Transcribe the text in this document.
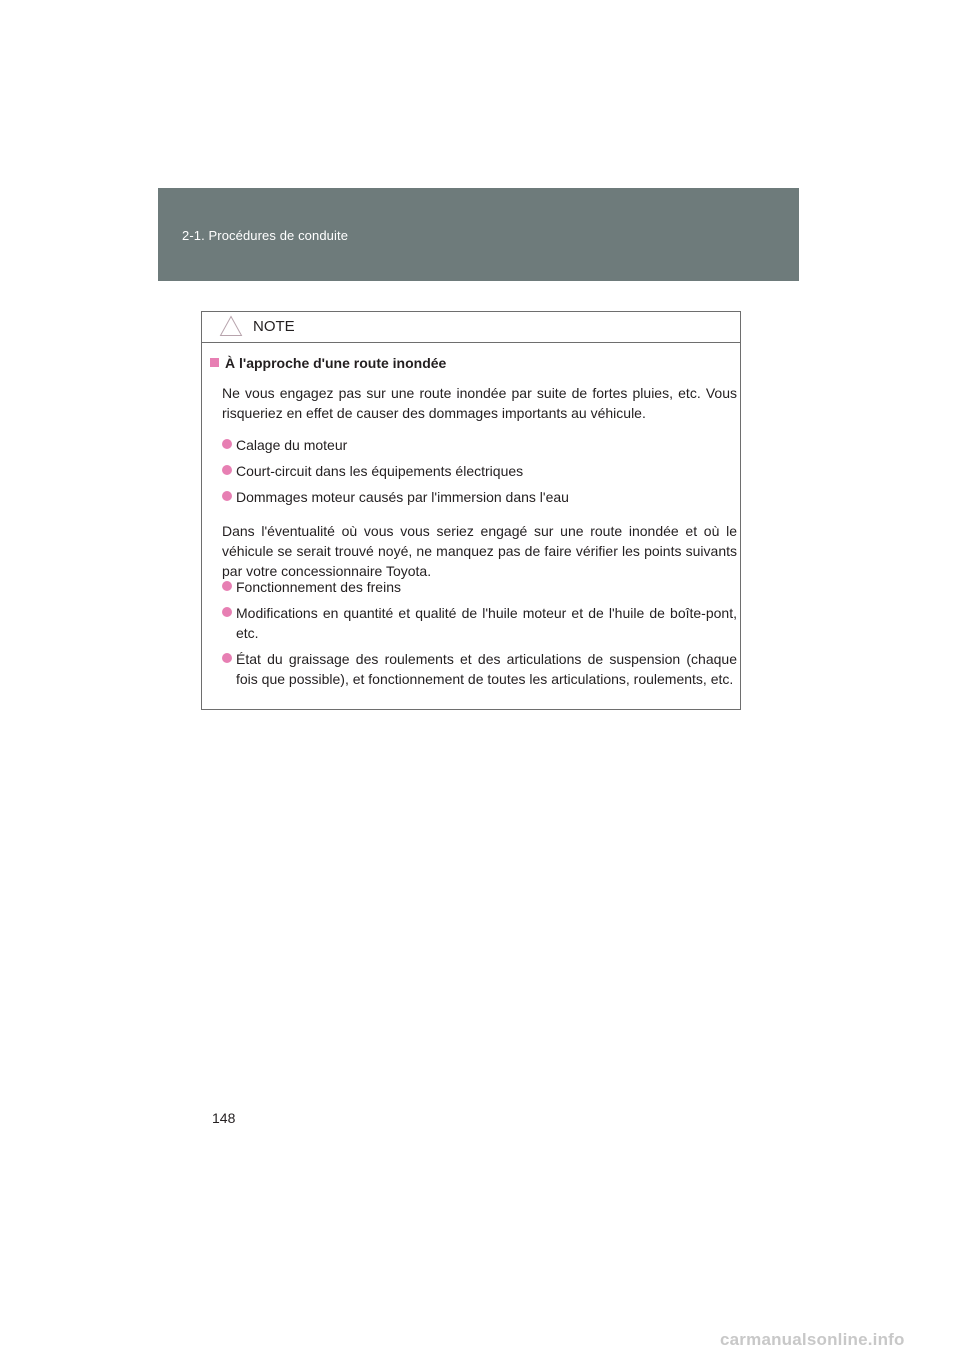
2-1. Procédures de conduite
NOTE
À l'approche d'une route inondée
Ne vous engagez pas sur une route inondée par suite de fortes pluies, etc. Vous risqueriez en effet de causer des dommages importants au véhicule.
Calage du moteur
Court-circuit dans les équipements électriques
Dommages moteur causés par l'immersion dans l'eau
Dans l'éventualité où vous vous seriez engagé sur une route inondée et où le véhicule se serait trouvé noyé, ne manquez pas de faire vérifier les points suivants par votre concessionnaire Toyota.
Fonctionnement des freins
Modifications en quantité et qualité de l'huile moteur et de l'huile de boîte-pont, etc.
État du graissage des roulements et des articulations de suspension (chaque fois que possible), et fonctionnement de toutes les articulations, roulements, etc.
148
carmanualsonline.info
